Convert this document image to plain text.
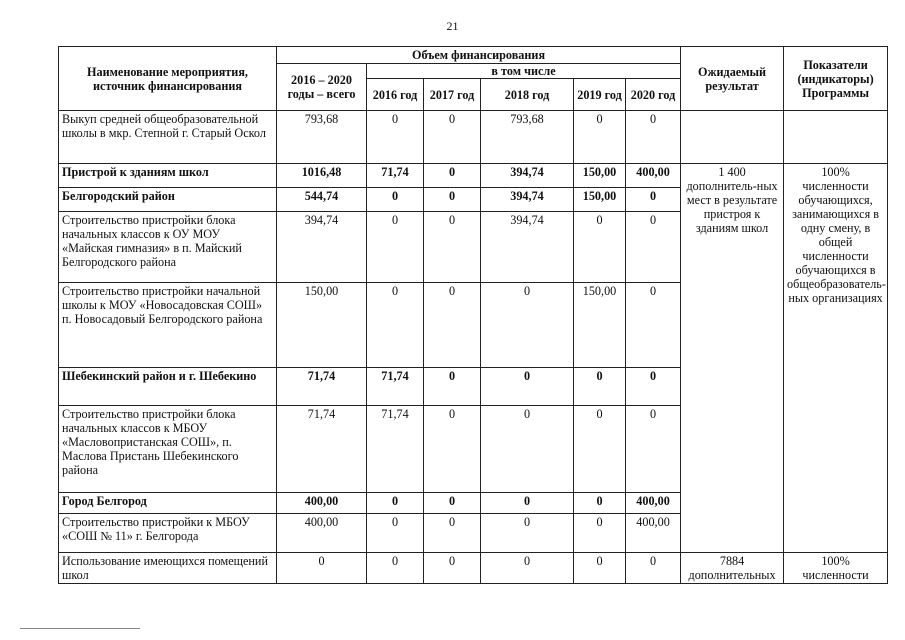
21
Наименование мероприятия, источник финансирования	Объем финансирования						Ожидаемый результат	Показатели (индикаторы) Программы
	2016 – 2020 годы – всего	в том числе						
		2016 год	2017 год	2018 год	2019 год	2020 год		
Выкуп средней общеобразовательной школы в мкр. Степной г. Старый Оскол	793,68	0	0	793,68	0	0		
Пристрой к зданиям школ	1016,48	71,74	0	394,74	150,00	400,00	1 400 дополнитель-ных мест в результате пристроя к зданиям школ	100% численности обучающихся, занимающихся в одну смену, в общей численности обучающихся в общеобразователь-ных организациях
Белгородский район	544,74	0	0	394,74	150,00	0		
Строительство пристройки блока начальных классов к ОУ МОУ «Майская гимназия» в п. Майский Белгородского района	394,74	0	0	394,74	0	0		
Строительство пристройки начальной школы к МОУ «Новосадовская СОШ» п. Новосадовый Белгородского района	150,00	0	0	0	150,00	0		
Шебекинский район и г. Шебекино	71,74	71,74	0	0	0	0		
Строительство пристройки блока начальных классов к МБОУ «Масловопристанская СОШ», п. Маслова Пристань Шебекинского района	71,74	71,74	0	0	0	0		
Город Белгород	400,00	0	0	0	0	400,00		
Строительство пристройки к МБОУ «СОШ № 11» г. Белгорода	400,00	0	0	0	0	400,00		
Использование имеющихся помещений школ	0	0	0	0	0	0	7884 дополнительных	100% численности
